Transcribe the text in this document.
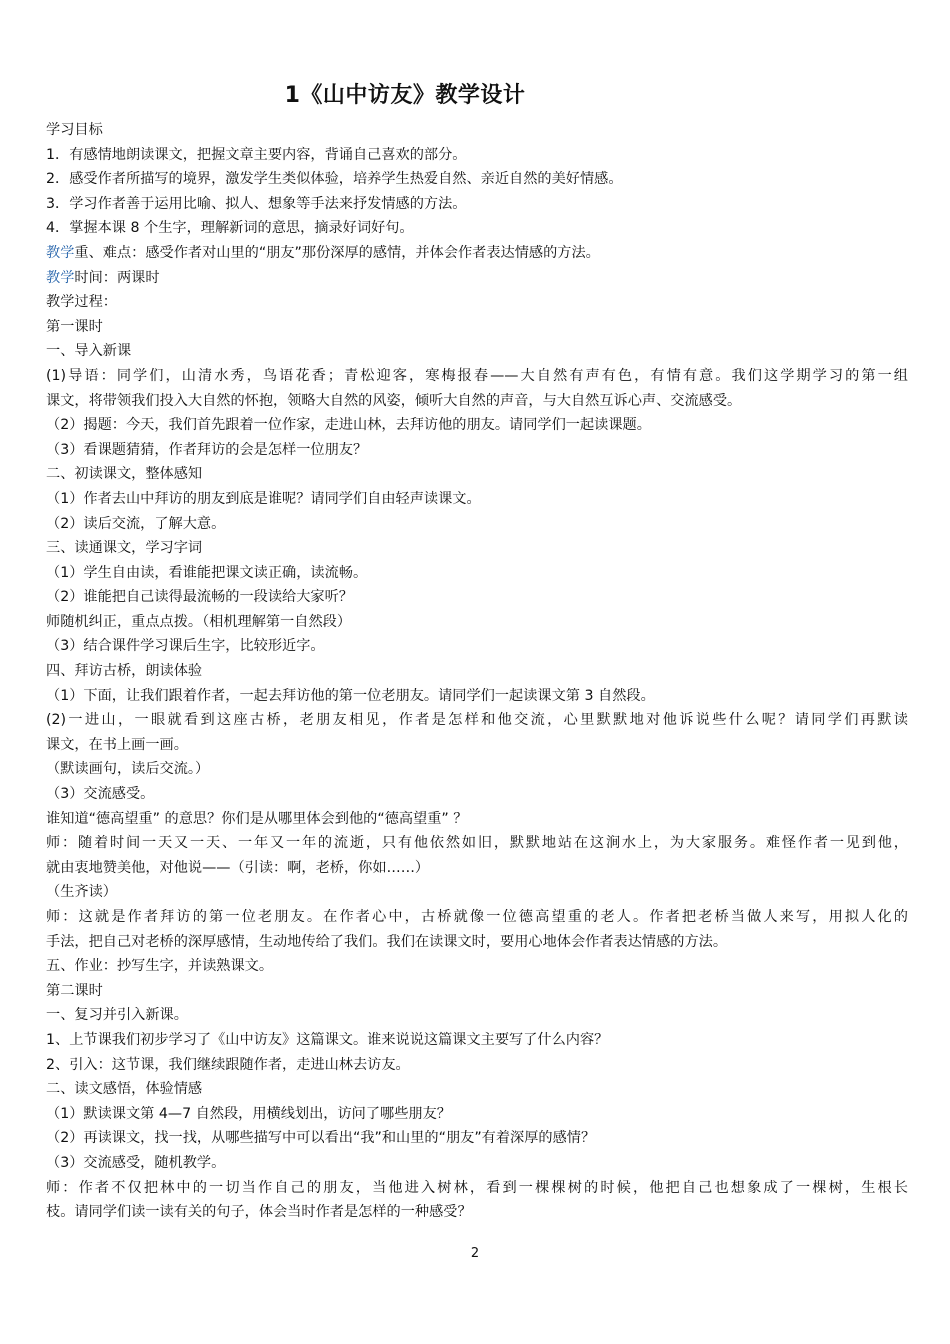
1《山中访友》教学设计
学习目标
1．有感情地朗读课文，把握文章主要内容，背诵自己喜欢的部分。
2．感受作者所描写的境界，激发学生类似体验，培养学生热爱自然、亲近自然的美好情感。
3．学习作者善于运用比喻、拟人、想象等手法来抒发情感的方法。
4．掌握本课 8 个生字，理解新词的意思，摘录好词好句。
教学重、难点：感受作者对山里的“朋友”那份深厚的感情，并体会作者表达情感的方法。
教学时间：两课时
教学过程：
第一课时
一、导入新课
(1)导语：同学们，山清水秀，鸟语花香；青松迎客，寒梅报春——大自然有声有色，有情有意。我们这学期学习的第一组
课文，将带领我们投入大自然的怀抱，领略大自然的风姿，倾听大自然的声音，与大自然互诉心声、交流感受。
（2）揭题：今天，我们首先跟着一位作家，走进山林，去拜访他的朋友。请同学们一起读课题。
（3）看课题猜猜，作者拜访的会是怎样一位朋友？
二、初读课文，整体感知
（1）作者去山中拜访的朋友到底是谁呢？请同学们自由轻声读课文。
（2）读后交流，了解大意。
三、读通课文，学习字词
（1）学生自由读，看谁能把课文读正确，读流畅。
（2）谁能把自己读得最流畅的一段读给大家听？
师随机纠正，重点点拨。（相机理解第一自然段）
（3）结合课件学习课后生字，比较形近字。
四、拜访古桥，朗读体验
（1）下面，让我们跟着作者，一起去拜访他的第一位老朋友。请同学们一起读课文第 3 自然段。
(2)一进山，一眼就看到这座古桥，老朋友相见，作者是怎样和他交流，心里默默地对他诉说些什么呢？请同学们再默读
课文，在书上画一画。
（默读画句，读后交流。）
（3）交流感受。
谁知道“德高望重” 的意思？你们是从哪里体会到他的“德高望重” ？
师：随着时间一天又一天、一年又一年的流逝，只有他依然如旧，默默地站在这涧水上，为大家服务。难怪作者一见到他，
就由衷地赞美他，对他说——（引读：啊，老桥，你如……）
（生齐读）
师：这就是作者拜访的第一位老朋友。在作者心中，古桥就像一位德高望重的老人。作者把老桥当做人来写，用拟人化的
手法，把自己对老桥的深厚感情，生动地传给了我们。我们在读课文时，要用心地体会作者表达情感的方法。
五、作业：抄写生字，并读熟课文。
第二课时
一、复习并引入新课。
1、上节课我们初步学习了《山中访友》这篇课文。谁来说说这篇课文主要写了什么内容？
2、引入：这节课，我们继续跟随作者，走进山林去访友。
二、读文感悟，体验情感
（1）默读课文第 4—7 自然段，用横线划出，访问了哪些朋友？
（2）再读课文，找一找，从哪些描写中可以看出“我”和山里的“朋友”有着深厚的感情？
（3）交流感受，随机教学。
师：作者不仅把林中的一切当作自己的朋友，当他进入树林，看到一棵棵树的时候，他把自己也想象成了一棵树，生根长
枝。请同学们读一读有关的句子，体会当时作者是怎样的一种感受？
2
